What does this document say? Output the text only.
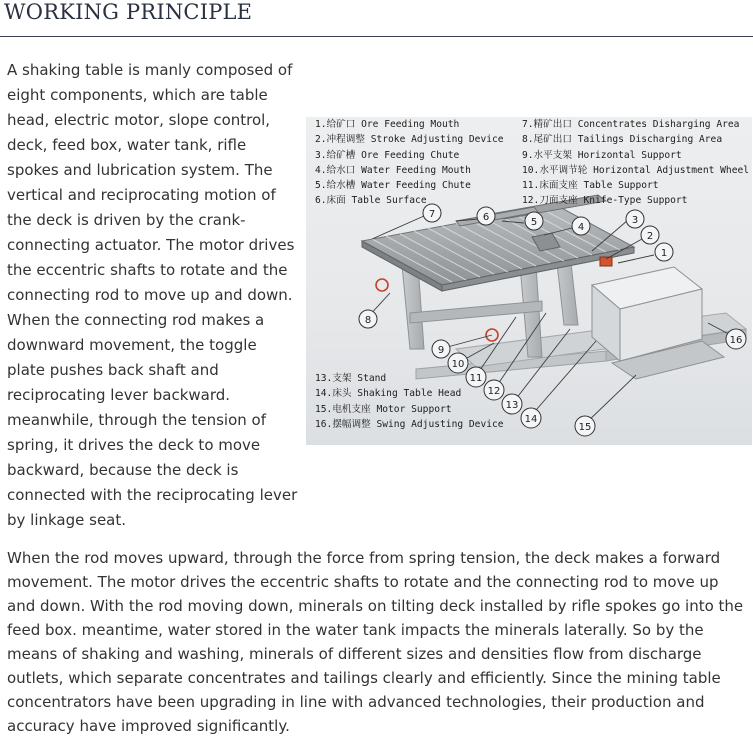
WORKING PRINCIPLE

A shaking table is manly composed of eight components, which are table head, electric motor, slope control, deck, feed box, water tank, rifle spokes and lubrication system. The vertical and reciprocating motion of the deck is driven by the crank-connecting actuator. The motor drives the eccentric shafts to rotate and the connecting rod to move up and down. When the connecting rod makes a downward movement, the toggle plate pushes back shaft and reciprocating lever backward. meanwhile, through the tension of spring, it drives the deck to move backward, because the deck is connected with the reciprocating lever by linkage seat.

7	6	5	4
3
2
1
8
9
10
11
12
13
14
15
16
1.给矿口 Ore Feeding Mouth
2.冲程调整 Stroke Adjusting Device
3.给矿槽 Ore Feeding Chute
4.给水口 Water Feeding Mouth
5.给水槽 Water Feeding Chute
6.床面 Table Surface
7.精矿出口 Concentrates Disharging Area
8.尾矿出口 Tailings Discharging Area
9.水平支架 Horizontal Support
10.水平调节轮 Horizontal Adjustment Wheel
11.床面支座 Table Support
12.刀面支座 Knife-Type Support
13.支架 Stand
14.床头 Shaking Table Head
15.电机支座 Motor Support
16.摆幅调整 Swing Adjusting Device

When the rod moves upward, through the force from spring tension, the deck makes a forward movement. The motor drives the eccentric shafts to rotate and the connecting rod to move up and down. With the rod moving down, minerals on tilting deck installed by rifle spokes go into the feed box. meantime, water stored in the water tank impacts the minerals laterally. So by the means of shaking and washing, minerals of different sizes and densities flow from discharge outlets, which separate concentrates and tailings clearly and efficiently. Since the mining table concentrators have been upgrading in line with advanced technologies, their production and accuracy have improved significantly.
